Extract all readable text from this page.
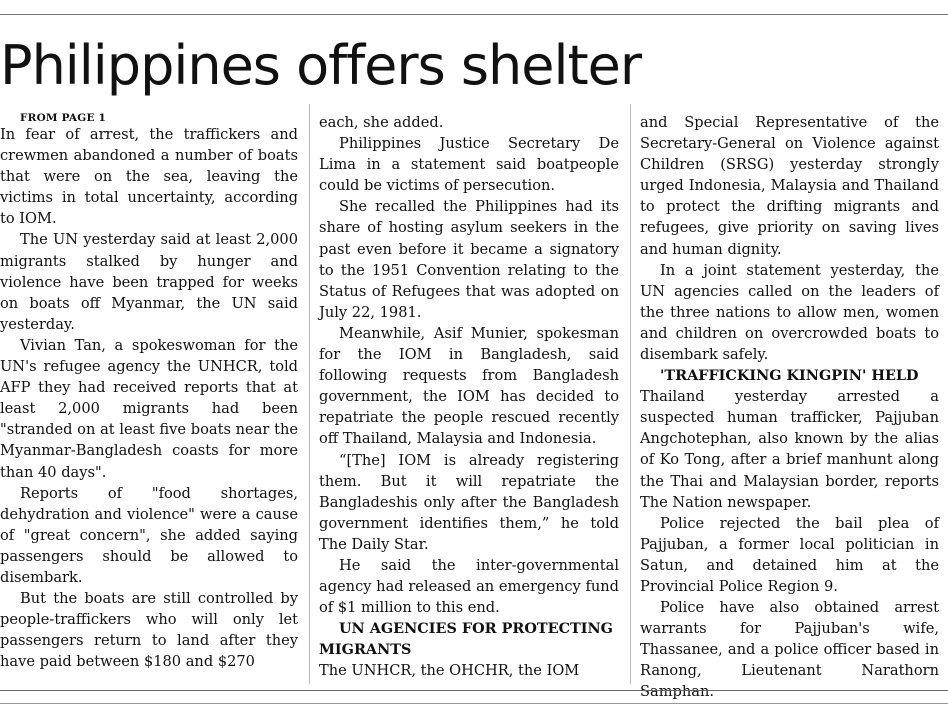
Philippines offers shelter

FROM PAGE 1

In fear of arrest, the traffickers and crewmen abandoned a number of boats that were on the sea, leaving the victims in total uncertainty, according to IOM.

The UN yesterday said at least 2,000 migrants stalked by hunger and violence have been trapped for weeks on boats off Myanmar, the UN said yesterday.

Vivian Tan, a spokeswoman for the UN's refugee agency the UNHCR, told AFP they had received reports that at least 2,000 migrants had been "stranded on at least five boats near the Myanmar-Bangladesh coasts for more than 40 days".

Reports of "food shortages, dehydration and violence" were a cause of "great concern", she added saying passengers should be allowed to disembark.

But the boats are still controlled by people-traffickers who will only let passengers return to land after they have paid between $180 and $270

each, she added.

Philippines Justice Secretary De Lima in a statement said boatpeople could be victims of persecution.

She recalled the Philippines had its share of hosting asylum seekers in the past even before it became a signatory to the 1951 Convention relating to the Status of Refugees that was adopted on July 22, 1981.

Meanwhile, Asif Munier, spokesman for the IOM in Bangladesh, said following requests from Bangladesh government, the IOM has decided to repatriate the people rescued recently off Thailand, Malaysia and Indonesia.

“[The] IOM is already registering them. But it will repatriate the Bangladeshis only after the Bangladesh government identifies them,” he told The Daily Star.

He said the inter-governmental agency had released an emergency fund of $1 million to this end.

UN AGENCIES FOR PROTECTING MIGRANTS

The UNHCR, the OHCHR, the IOM

and Special Representative of the Secretary-General on Violence against Children (SRSG) yesterday strongly urged Indonesia, Malaysia and Thailand to protect the drifting migrants and refugees, give priority on saving lives and human dignity.

In a joint statement yesterday, the UN agencies called on the leaders of the three nations to allow men, women and children on overcrowded boats to disembark safely.

'TRAFFICKING KINGPIN' HELD

Thailand yesterday arrested a suspected human trafficker, Pajjuban Angchotephan, also known by the alias of Ko Tong, after a brief manhunt along the Thai and Malaysian border, reports The Nation newspaper.

Police rejected the bail plea of Pajjuban, a former local politician in Satun, and detained him at the Provincial Police Region 9.

Police have also obtained arrest warrants for Pajjuban's wife, Thassanee, and a police officer based in Ranong, Lieutenant Narathorn Samphan.
